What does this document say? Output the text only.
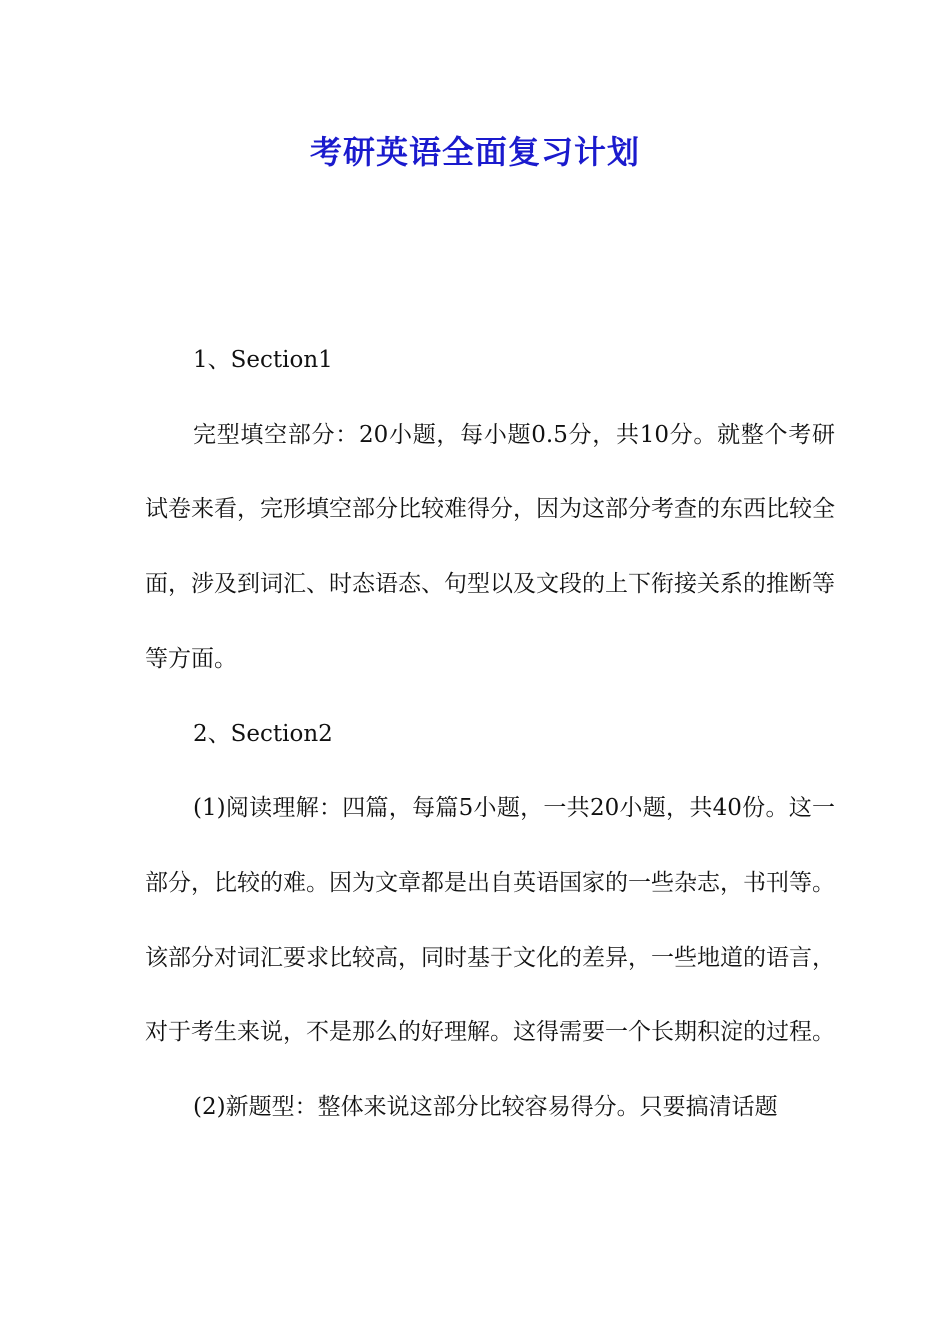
考研英语全面复习计划

1、Section1

完型填空部分：20小题，每小题0.5分，共10分。就整个考研试卷来看，完形填空部分比较难得分，因为这部分考查的东西比较全面，涉及到词汇、时态语态、句型以及文段的上下衔接关系的推断等等方面。

2、Section2

(1)阅读理解：四篇，每篇5小题，一共20小题，共40份。这一部分，比较的难。因为文章都是出自英语国家的一些杂志，书刊等。该部分对词汇要求比较高，同时基于文化的差异，一些地道的语言，对于考生来说，不是那么的好理解。这得需要一个长期积淀的过程。

(2)新题型：整体来说这部分比较容易得分。只要搞清话题
